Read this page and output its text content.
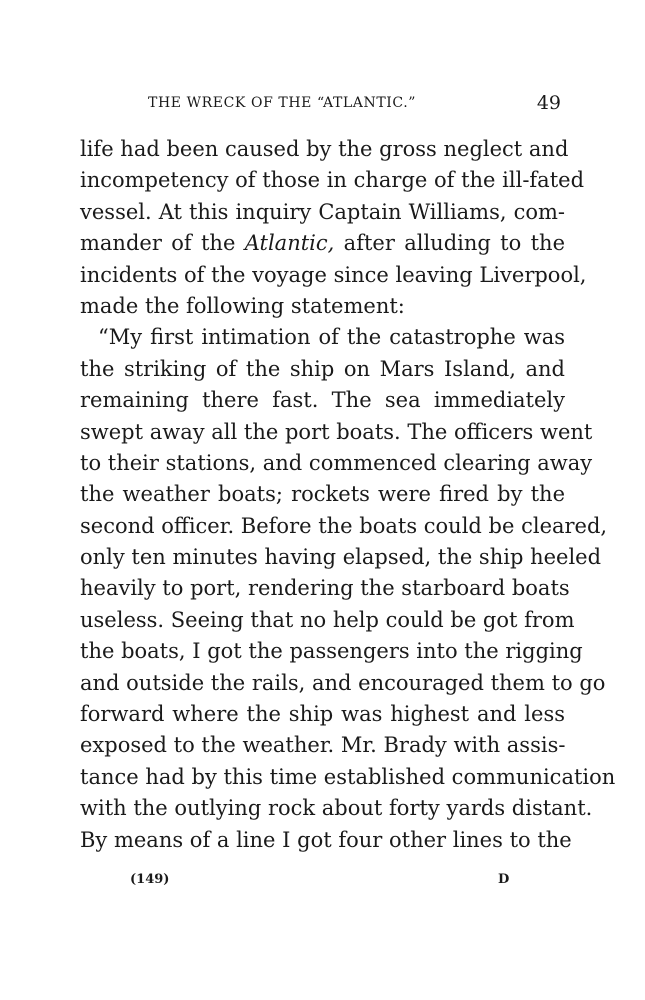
THE WRECK OF THE “ATLANTIC.”	49
life had been caused by the gross neglect and
incompetency of those in charge of the ill-fated
vessel. At this inquiry Captain Williams, com-
mander of the Atlantic, after alluding to the
incidents of the voyage since leaving Liverpool,
made the following statement:
“My first intimation of the catastrophe was
the striking of the ship on Mars Island, and
remaining there fast. The sea immediately
swept away all the port boats. The officers went
to their stations, and commenced clearing away
the weather boats; rockets were fired by the
second officer. Before the boats could be cleared,
only ten minutes having elapsed, the ship heeled
heavily to port, rendering the starboard boats
useless. Seeing that no help could be got from
the boats, I got the passengers into the rigging
and outside the rails, and encouraged them to go
forward where the ship was highest and less
exposed to the weather. Mr. Brady with assis-
tance had by this time established communication
with the outlying rock about forty yards distant.
By means of a line I got four other lines to the
(149)	D
